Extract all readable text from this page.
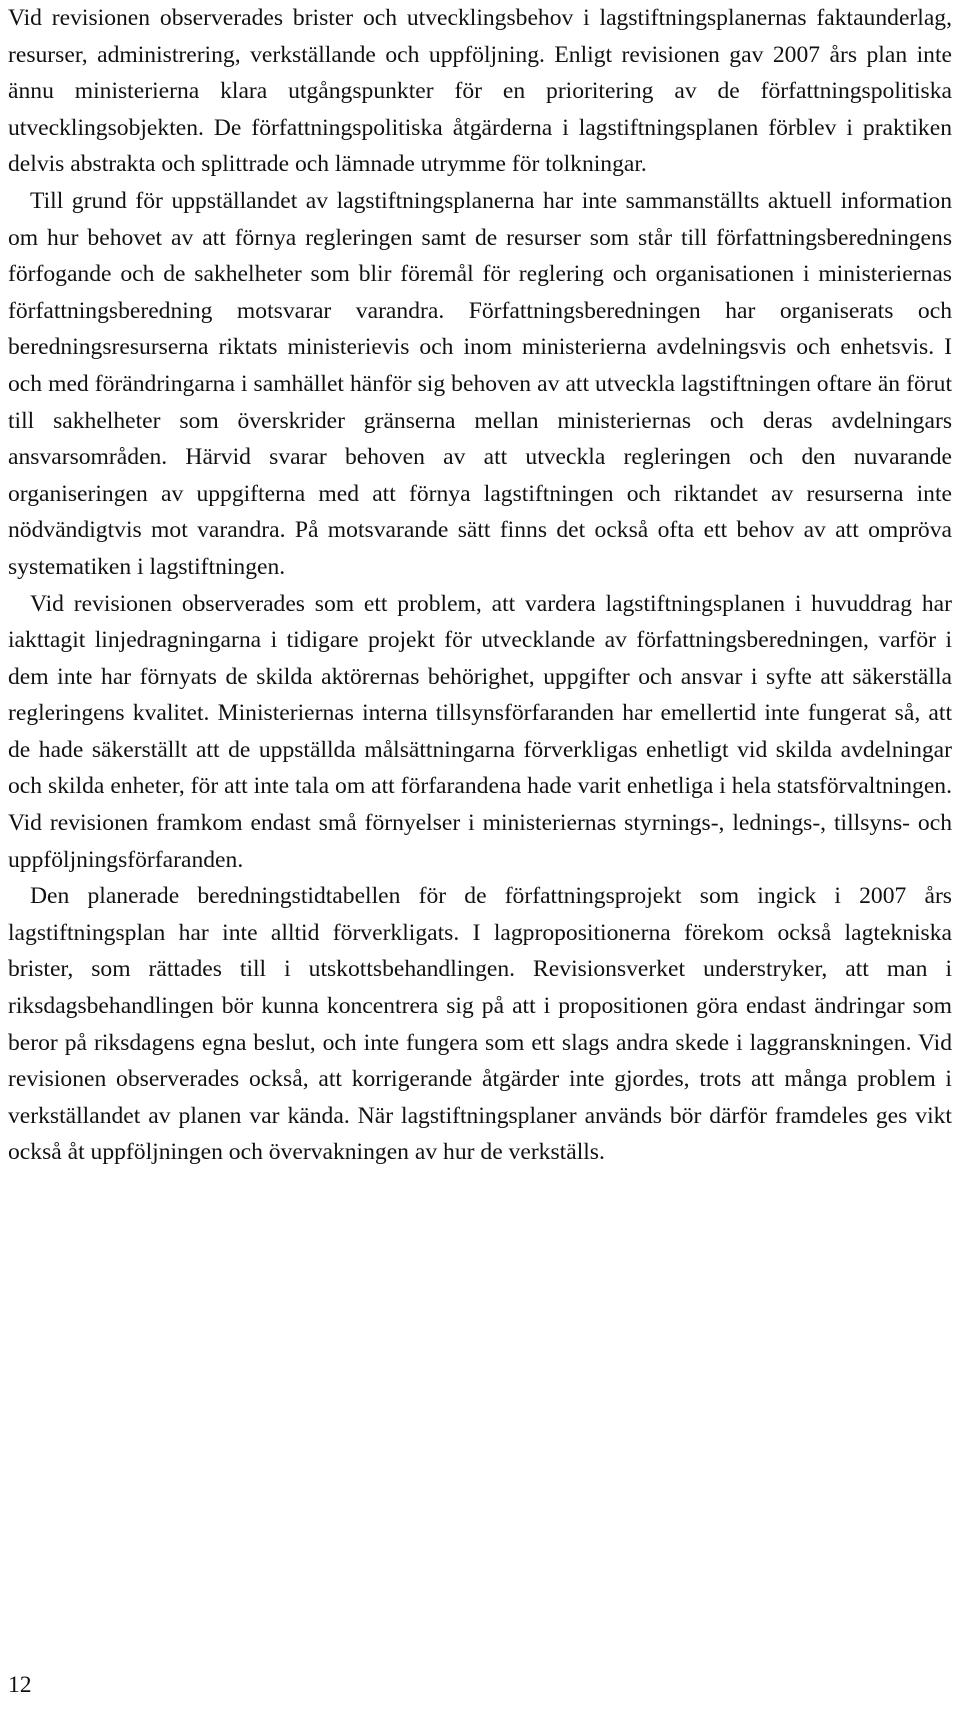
Vid revisionen observerades brister och utvecklingsbehov i lagstiftningsplanernas faktaunderlag, resurser, administrering, verkställande och uppföljning. Enligt revisionen gav 2007 års plan inte ännu ministerierna klara utgångspunkter för en prioritering av de författningspolitiska utvecklingsobjekten. De författningspolitiska åtgärderna i lagstiftningsplanen förblev i praktiken delvis abstrakta och splittrade och lämnade utrymme för tolkningar.

Till grund för uppställandet av lagstiftningsplanerna har inte sammanställts aktuell information om hur behovet av att förnya regleringen samt de resurser som står till författningsberedningens förfogande och de sakhelheter som blir föremål för reglering och organisationen i ministeriernas författningsberedning motsvarar varandra. Författningsberedningen har organiserats och beredningsresurserna riktats ministerievis och inom ministerierna avdelningsvis och enhetsvis. I och med förändringarna i samhället hänför sig behoven av att utveckla lagstiftningen oftare än förut till sakhelheter som överskrider gränserna mellan ministeriernas och deras avdelningars ansvarsområden. Härvid svarar behoven av att utveckla regleringen och den nuvarande organiseringen av uppgifterna med att förnya lagstiftningen och riktandet av resurserna inte nödvändigtvis mot varandra. På motsvarande sätt finns det också ofta ett behov av att ompröva systematiken i lagstiftningen.

Vid revisionen observerades som ett problem, att vardera lagstiftningsplanen i huvuddrag har iakttagit linjedragningarna i tidigare projekt för utvecklande av författningsberedningen, varför i dem inte har förnyats de skilda aktörernas behörighet, uppgifter och ansvar i syfte att säkerställa regleringens kvalitet. Ministeriernas interna tillsynsförfaranden har emellertid inte fungerat så, att de hade säkerställt att de uppställda målsättningarna förverkligas enhetligt vid skilda avdelningar och skilda enheter, för att inte tala om att förfarandena hade varit enhetliga i hela statsförvaltningen. Vid revisionen framkom endast små förnyelser i ministeriernas styrnings-, lednings-, tillsyns- och uppföljningsförfaranden.

Den planerade beredningstidtabellen för de författningsprojekt som ingick i 2007 års lagstiftningsplan har inte alltid förverkligats. I lagpropositionerna förekom också lagtekniska brister, som rättades till i utskottsbehandlingen. Revisionsverket understryker, att man i riksdagsbehandlingen bör kunna koncentrera sig på att i propositionen göra endast ändringar som beror på riksdagens egna beslut, och inte fungera som ett slags andra skede i laggranskningen. Vid revisionen observerades också, att korrigerande åtgärder inte gjordes, trots att många problem i verkställandet av planen var kända. När lagstiftningsplaner används bör därför framdeles ges vikt också åt uppföljningen och övervakningen av hur de verkställs.

12
